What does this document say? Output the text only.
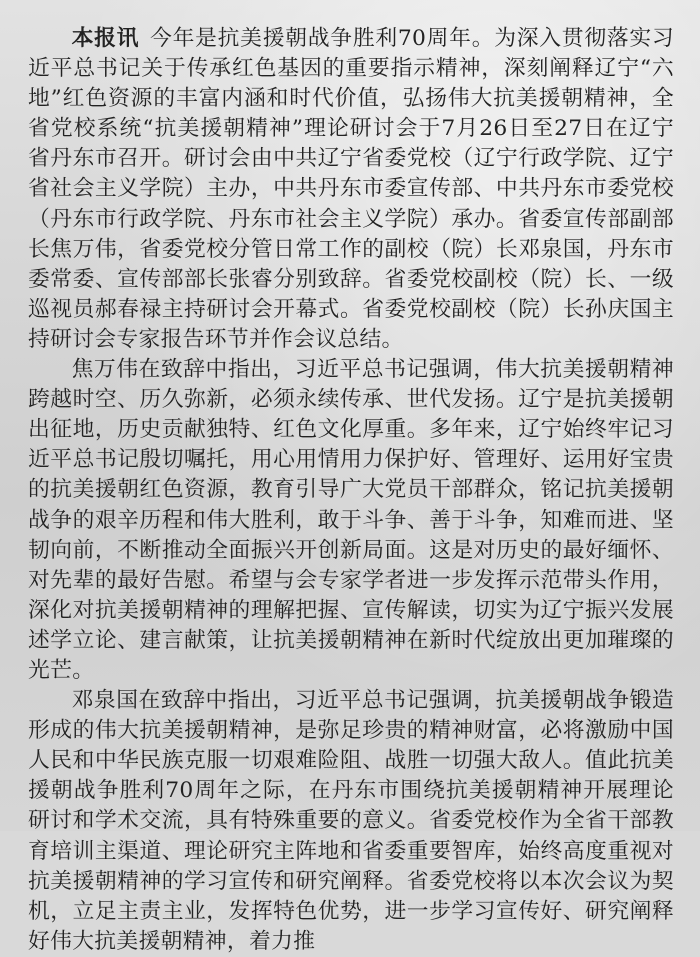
本报讯 今年是抗美援朝战争胜利70周年。为深入贯彻落实习近平总书记关于传承红色基因的重要指示精神，深刻阐释辽宁“六地”红色资源的丰富内涵和时代价值，弘扬伟大抗美援朝精神，全省党校系统“抗美援朝精神”理论研讨会于7月26日至27日在辽宁省丹东市召开。研讨会由中共辽宁省委党校（辽宁行政学院、辽宁省社会主义学院）主办，中共丹东市委宣传部、中共丹东市委党校（丹东市行政学院、丹东市社会主义学院）承办。省委宣传部副部长焦万伟，省委党校分管日常工作的副校（院）长邓泉国，丹东市委常委、宣传部部长张睿分别致辞。省委党校副校（院）长、一级巡视员郝春禄主持研讨会开幕式。省委党校副校（院）长孙庆国主持研讨会专家报告环节并作会议总结。

焦万伟在致辞中指出，习近平总书记强调，伟大抗美援朝精神跨越时空、历久弥新，必须永续传承、世代发扬。辽宁是抗美援朝出征地，历史贡献独特、红色文化厚重。多年来，辽宁始终牢记习近平总书记殷切嘱托，用心用情用力保护好、管理好、运用好宝贵的抗美援朝红色资源，教育引导广大党员干部群众，铭记抗美援朝战争的艰辛历程和伟大胜利，敢于斗争、善于斗争，知难而进、坚韧向前，不断推动全面振兴开创新局面。这是对历史的最好缅怀、对先辈的最好告慰。希望与会专家学者进一步发挥示范带头作用，深化对抗美援朝精神的理解把握、宣传解读，切实为辽宁振兴发展述学立论、建言献策，让抗美援朝精神在新时代绽放出更加璀璨的光芒。

邓泉国在致辞中指出，习近平总书记强调，抗美援朝战争锻造形成的伟大抗美援朝精神，是弥足珍贵的精神财富，必将激励中国人民和中华民族克服一切艰难险阻、战胜一切强大敌人。值此抗美援朝战争胜利70周年之际，在丹东市围绕抗美援朝精神开展理论研讨和学术交流，具有特殊重要的意义。省委党校作为全省干部教育培训主渠道、理论研究主阵地和省委重要智库，始终高度重视对抗美援朝精神的学习宣传和研究阐释。省委党校将以本次会议为契机，立足主责主业，发挥特色优势，进一步学习宣传好、研究阐释好伟大抗美援朝精神，着力推
